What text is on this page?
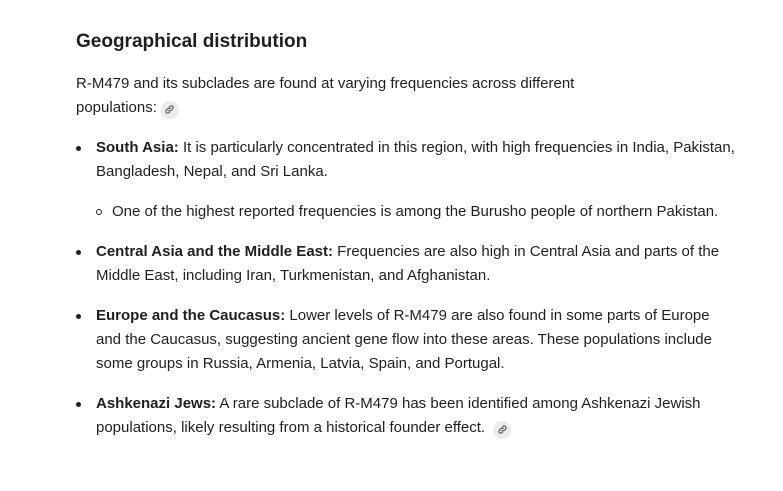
Geographical distribution

R-M479 and its subclades are found at varying frequencies across different populations:

South Asia: It is particularly concentrated in this region, with high frequencies in India, Pakistan, Bangladesh, Nepal, and Sri Lanka.
One of the highest reported frequencies is among the Burusho people of northern Pakistan.
Central Asia and the Middle East: Frequencies are also high in Central Asia and parts of the Middle East, including Iran, Turkmenistan, and Afghanistan.
Europe and the Caucasus: Lower levels of R-M479 are also found in some parts of Europe and the Caucasus, suggesting ancient gene flow into these areas. These populations include some groups in Russia, Armenia, Latvia, Spain, and Portugal.
Ashkenazi Jews: A rare subclade of R-M479 has been identified among Ashkenazi Jewish populations, likely resulting from a historical founder effect.
